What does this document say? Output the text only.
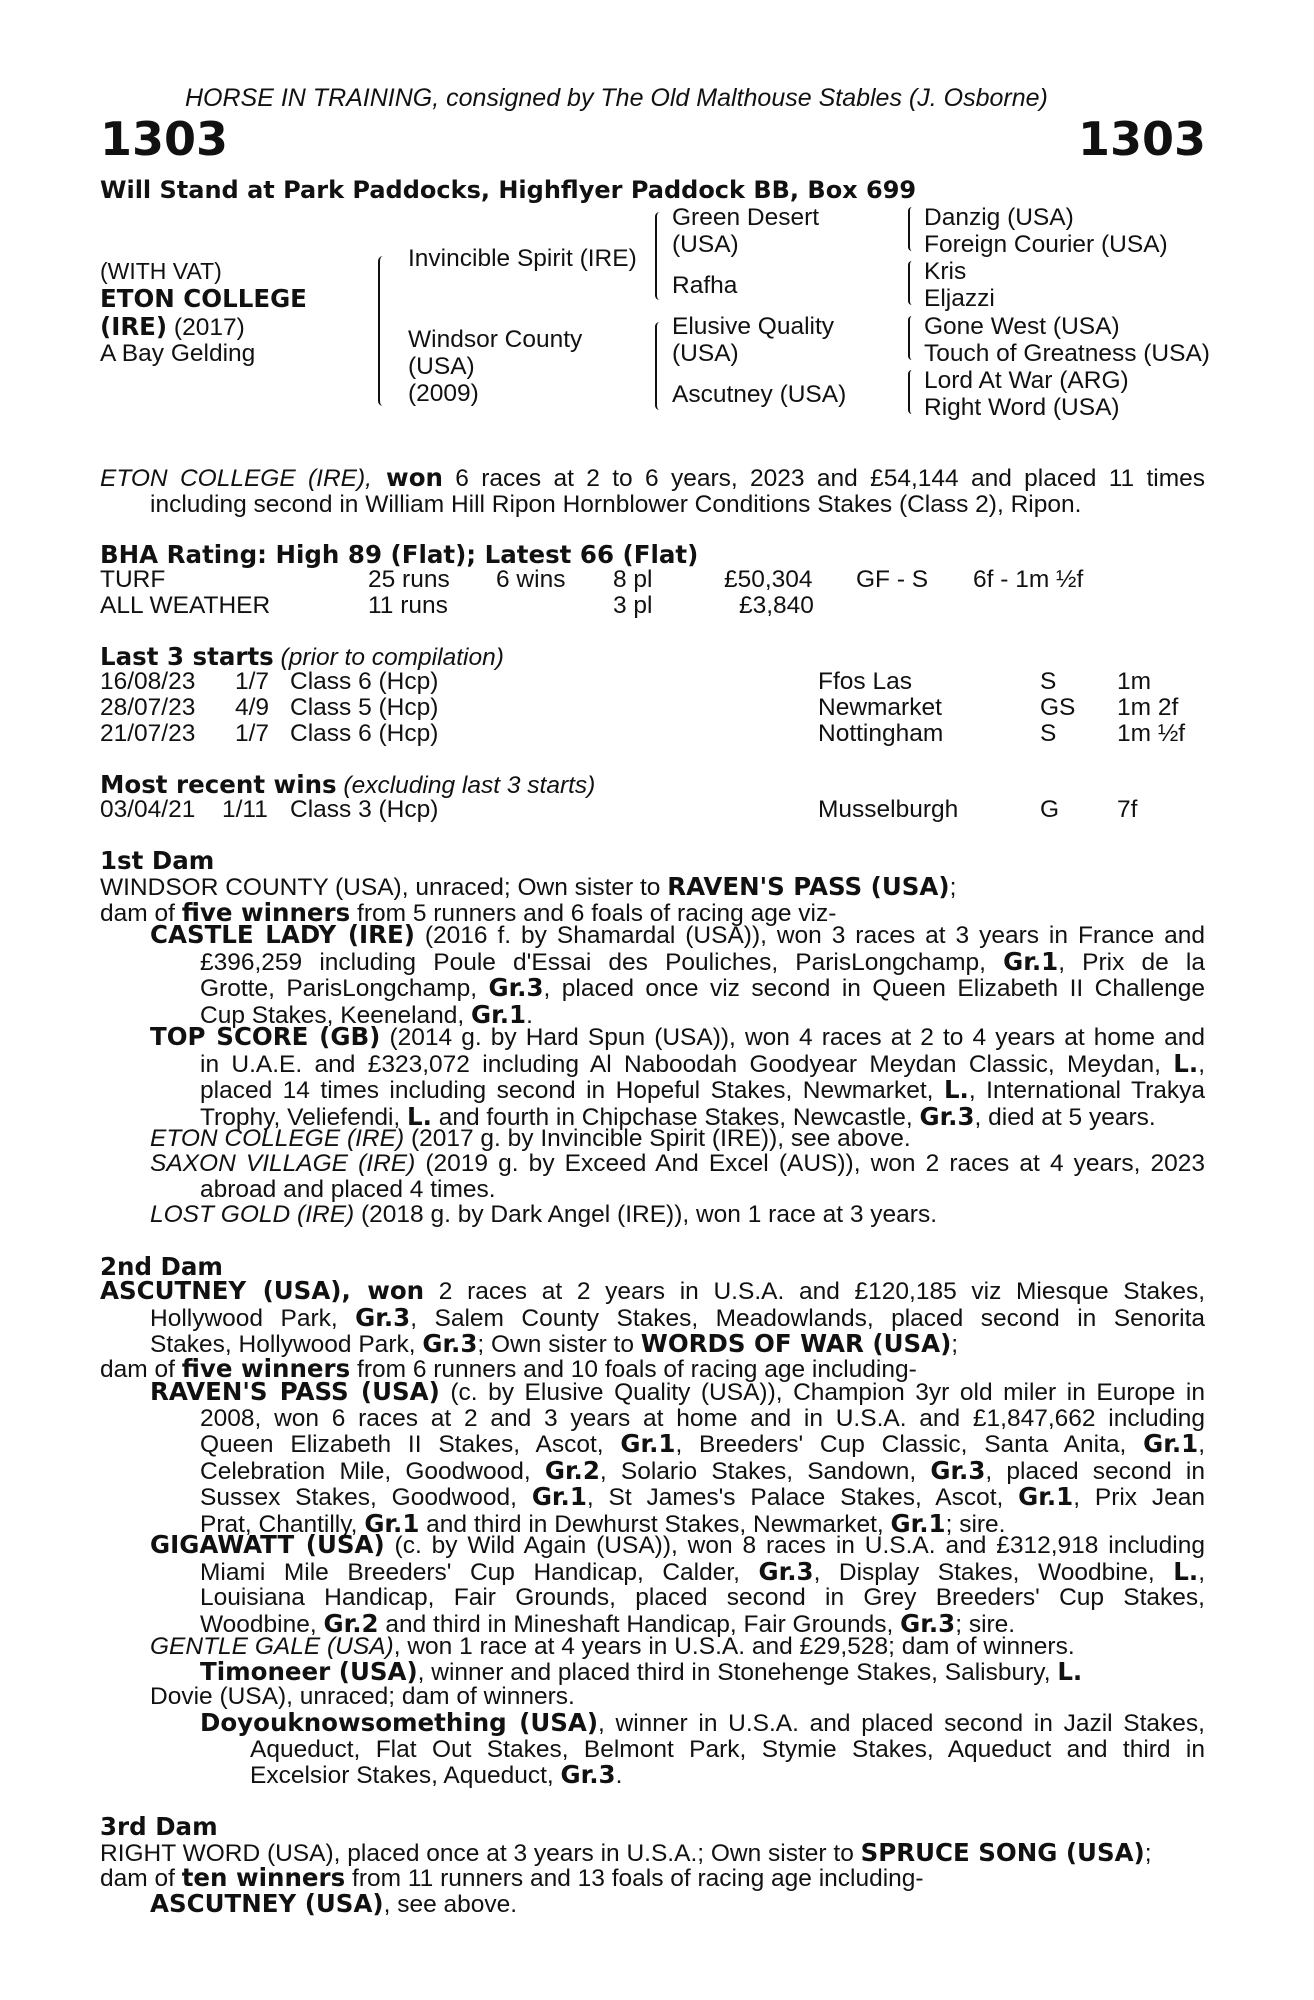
HORSE IN TRAINING, consigned by The Old Malthouse Stables (J. Osborne)
1303	1303
Will Stand at Park Paddocks, Highflyer Paddock BB, Box 699
(WITH VAT)
ETON COLLEGE
(IRE) (2017)
A Bay Gelding
Invincible Spirit (IRE)
Windsor County
(USA)
(2009)
Green Desert
(USA)
Rafha
Elusive Quality
(USA)
Ascutney (USA)
Danzig (USA)
Foreign Courier (USA)
Kris
Eljazzi
Gone West (USA)
Touch of Greatness (USA)
Lord At War (ARG)
Right Word (USA)
ETON COLLEGE (IRE), won 6 races at 2 to 6 years, 2023 and £54,144 and placed 11 times
including second in William Hill Ripon Hornblower Conditions Stakes (Class 2), Ripon.
BHA Rating: High 89 (Flat); Latest 66 (Flat)
TURF	25 runs 6 wins 8 pl	£50,304 GF - S 6f - 1m ½f
ALL WEATHER	11 runs	3 pl	£3,840
Last 3 starts (prior to compilation)
16/08/23 1/7 Class 6 (Hcp)	Ffos Las	S 1m
28/07/23 4/9 Class 5 (Hcp)	Newmarket	GS 1m 2f
21/07/23 1/7 Class 6 (Hcp)	Nottingham	S 1m ½f
Most recent wins (excluding last 3 starts)
03/04/21 1/11 Class 3 (Hcp)	Musselburgh	G 7f
1st Dam
WINDSOR COUNTY (USA), unraced; Own sister to RAVEN'S PASS (USA);
dam of five winners from 5 runners and 6 foals of racing age viz-
CASTLE LADY (IRE) (2016 f. by Shamardal (USA)), won 3 races at 3 years in France and
£396,259 including Poule d'Essai des Pouliches, ParisLongchamp, Gr.1, Prix de la
Grotte, ParisLongchamp, Gr.3, placed once viz second in Queen Elizabeth II Challenge
Cup Stakes, Keeneland, Gr.1.
TOP SCORE (GB) (2014 g. by Hard Spun (USA)), won 4 races at 2 to 4 years at home and
in U.A.E. and £323,072 including Al Naboodah Goodyear Meydan Classic, Meydan, L.,
placed 14 times including second in Hopeful Stakes, Newmarket, L., International Trakya
Trophy, Veliefendi, L. and fourth in Chipchase Stakes, Newcastle, Gr.3, died at 5 years.
ETON COLLEGE (IRE) (2017 g. by Invincible Spirit (IRE)), see above.
SAXON VILLAGE (IRE) (2019 g. by Exceed And Excel (AUS)), won 2 races at 4 years, 2023
abroad and placed 4 times.
LOST GOLD (IRE) (2018 g. by Dark Angel (IRE)), won 1 race at 3 years.
2nd Dam
ASCUTNEY (USA), won 2 races at 2 years in U.S.A. and £120,185 viz Miesque Stakes,
Hollywood Park, Gr.3, Salem County Stakes, Meadowlands, placed second in Senorita
Stakes, Hollywood Park, Gr.3; Own sister to WORDS OF WAR (USA);
dam of five winners from 6 runners and 10 foals of racing age including-
RAVEN'S PASS (USA) (c. by Elusive Quality (USA)), Champion 3yr old miler in Europe in
2008, won 6 races at 2 and 3 years at home and in U.S.A. and £1,847,662 including
Queen Elizabeth II Stakes, Ascot, Gr.1, Breeders' Cup Classic, Santa Anita, Gr.1,
Celebration Mile, Goodwood, Gr.2, Solario Stakes, Sandown, Gr.3, placed second in
Sussex Stakes, Goodwood, Gr.1, St James's Palace Stakes, Ascot, Gr.1, Prix Jean
Prat, Chantilly, Gr.1 and third in Dewhurst Stakes, Newmarket, Gr.1; sire.
GIGAWATT (USA) (c. by Wild Again (USA)), won 8 races in U.S.A. and £312,918 including
Miami Mile Breeders' Cup Handicap, Calder, Gr.3, Display Stakes, Woodbine, L.,
Louisiana Handicap, Fair Grounds, placed second in Grey Breeders' Cup Stakes,
Woodbine, Gr.2 and third in Mineshaft Handicap, Fair Grounds, Gr.3; sire.
GENTLE GALE (USA), won 1 race at 4 years in U.S.A. and £29,528; dam of winners.
Timoneer (USA), winner and placed third in Stonehenge Stakes, Salisbury, L.
Dovie (USA), unraced; dam of winners.
Doyouknowsomething (USA), winner in U.S.A. and placed second in Jazil Stakes,
Aqueduct, Flat Out Stakes, Belmont Park, Stymie Stakes, Aqueduct and third in
Excelsior Stakes, Aqueduct, Gr.3.
3rd Dam
RIGHT WORD (USA), placed once at 3 years in U.S.A.; Own sister to SPRUCE SONG (USA);
dam of ten winners from 11 runners and 13 foals of racing age including-
ASCUTNEY (USA), see above.
